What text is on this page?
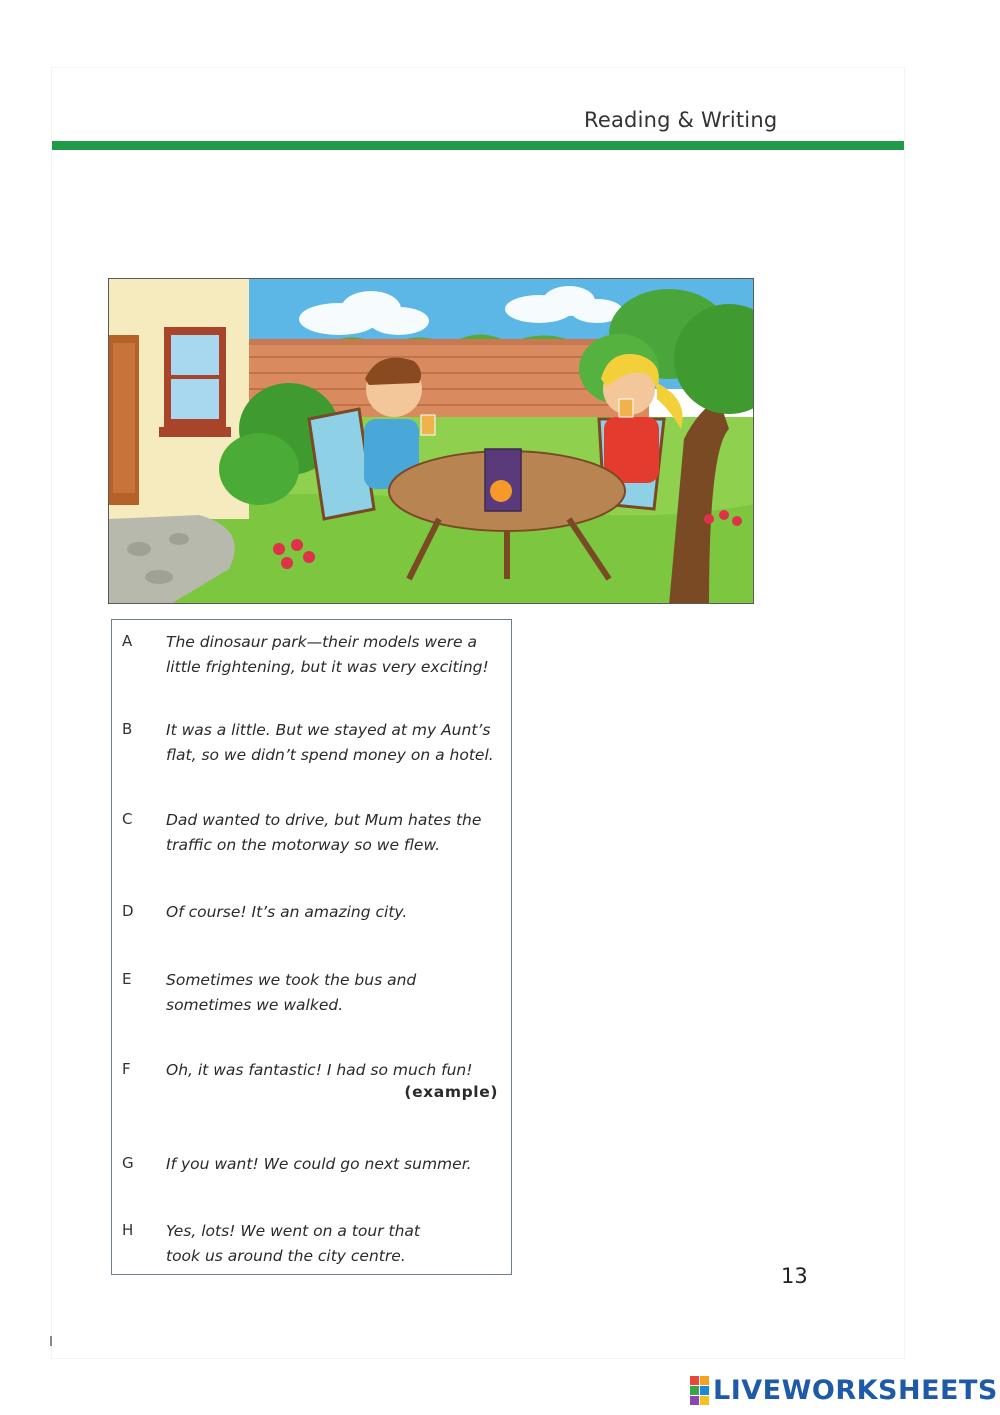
Reading & Writing
A The dinosaur park—their models were a
little frightening, but it was very exciting!
B It was a little. But we stayed at my Aunt’s
flat, so we didn’t spend money on a hotel.
C Dad wanted to drive, but Mum hates the
traffic on the motorway so we flew.
D Of course! It’s an amazing city.
E Sometimes we took the bus and
sometimes we walked.
F Oh, it was fantastic! I had so much fun!
(example)
G If you want! We could go next summer.
H Yes, lots! We went on a tour that
took us around the city centre.
13
LIVEWORKSHEETS
